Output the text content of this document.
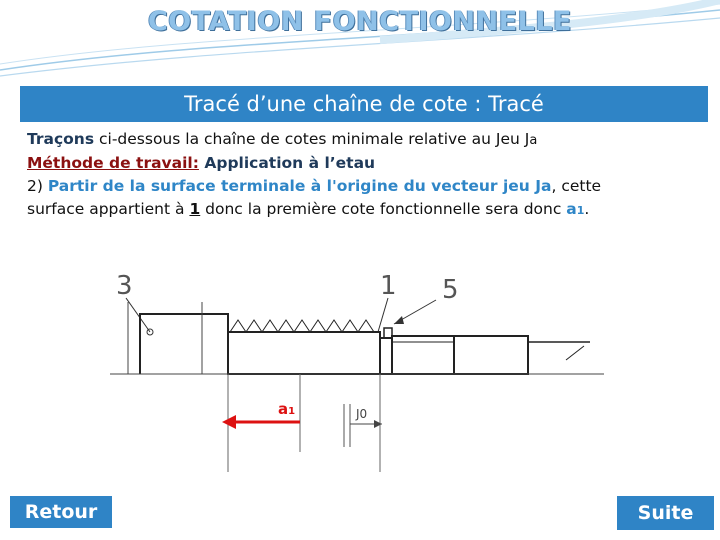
COTATION FONCTIONNELLE
Tracé d’une chaîne de cote : Tracé
Traçons ci-dessous la chaîne de cotes minimale relative au Jeu Ja
Méthode de travail: Application à l’etau
2) Partir de la surface terminale à l'origine du vecteur jeu Ja, cette
surface appartient à 1 donc la première cote fonctionnelle sera donc a1.
3	1 5
J0
a1
Retour	Suite
